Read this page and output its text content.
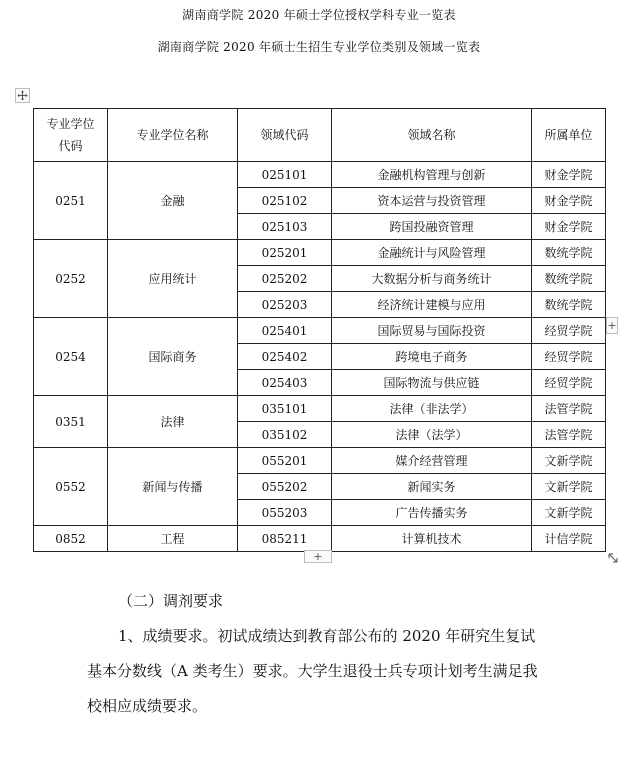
湖南商学院 2020 年硕士学位授权学科专业一览表
湖南商学院 2020 年硕士生招生专业学位类别及领域一览表
专业学位
代码	专业学位名称	领域代码	领域名称	所属单位
0251	金融	025101	金融机构管理与创新	财金学院
		025102	资本运营与投资管理	财金学院
		025103	跨国投融资管理	财金学院
0252	应用统计	025201	金融统计与风险管理	数统学院
		025202	大数据分析与商务统计	数统学院
		025203	经济统计建模与应用	数统学院
0254	国际商务	025401	国际贸易与国际投资	经贸学院
		025402	跨境电子商务	经贸学院
		025403	国际物流与供应链	经贸学院
0351	法律	035101	法律（非法学）	法管学院
		035102	法律（法学）	法管学院
0552	新闻与传播	055201	媒介经营管理	文新学院
		055202	新闻实务	文新学院
		055203	广告传播实务	文新学院
0852	工程	085211	计算机技术	计信学院
+
+
（二）调剂要求
1、成绩要求。初试成绩达到教育部公布的 2020 年研究生复试
基本分数线（A 类考生）要求。大学生退役士兵专项计划考生满足我
校相应成绩要求。
